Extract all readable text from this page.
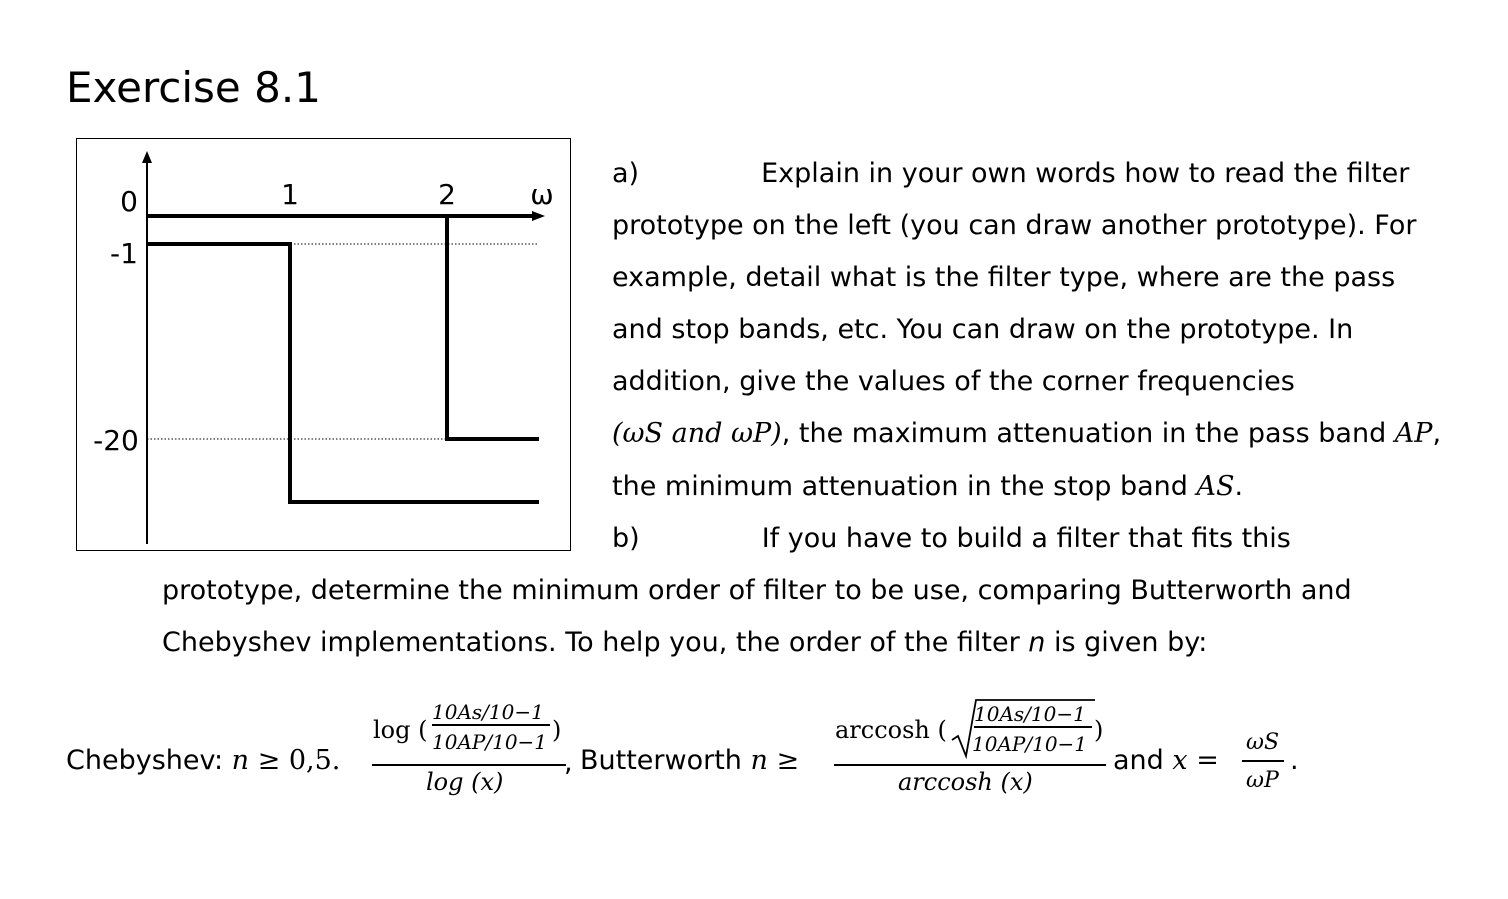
Exercise 8.1
0
-1
-20
1	2	ω
a)	Explain in your own words how to read the filter
prototype on the left (you can draw another prototype). For
example, detail what is the filter type, where are the pass
and stop bands, etc. You can draw on the prototype. In
addition, give the values of the corner frequencies
(ωS and ωP), the maximum attenuation in the pass band AP,
the minimum attenuation in the stop band AS.
b)	If you have to build a filter that fits this
prototype, determine the minimum order of filter to be use, comparing Butterworth and
Chebyshev implementations. To help you, the order of the filter n is given by:
Chebyshev: n ≥ 0,5.
log (
10As/10−1
10AP/10−1 )
log (x)
, Butterworth n ≥
arccosh (
10As/10−1
10AP/10−1 )
arccosh (x)
and x =
ωS
ωP
.
